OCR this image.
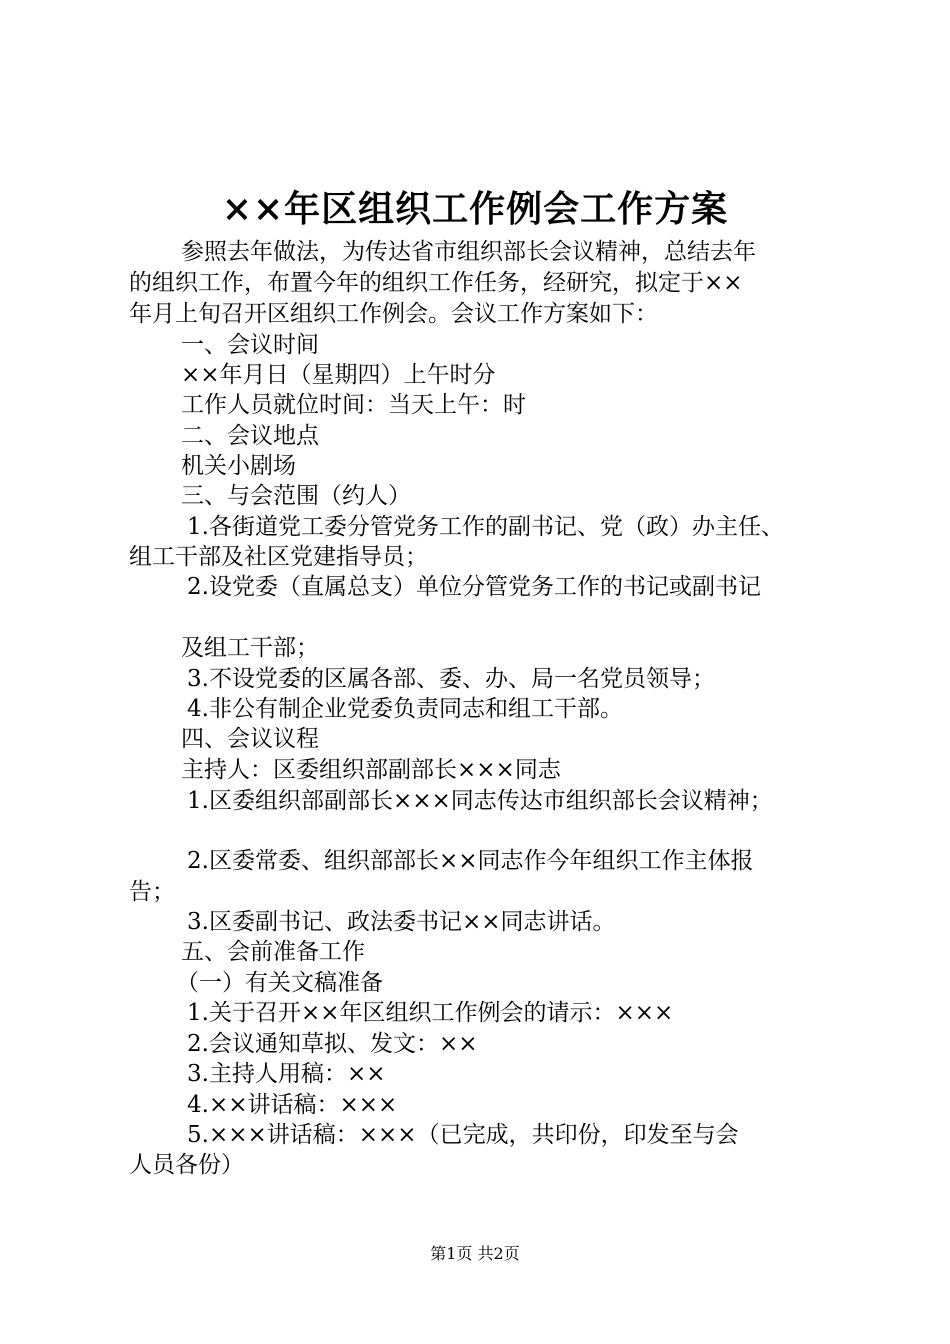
××年区组织工作例会工作方案
参照去年做法，为传达省市组织部长会议精神，总结去年
的组织工作，布置今年的组织工作任务，经研究，拟定于××
年月上旬召开区组织工作例会。会议工作方案如下：
一、会议时间
××年月日（星期四）上午时分
工作人员就位时间：当天上午：时
二、会议地点
机关小剧场
三、与会范围（约人）
1.各街道党工委分管党务工作的副书记、党（政）办主任、
组工干部及社区党建指导员；
2.设党委（直属总支）单位分管党务工作的书记或副书记
及组工干部；
3.不设党委的区属各部、委、办、局一名党员领导；
4.非公有制企业党委负责同志和组工干部。
四、会议议程
主持人：区委组织部副部长×××同志
1.区委组织部副部长×××同志传达市组织部长会议精神；
2.区委常委、组织部部长××同志作今年组织工作主体报
告；
3.区委副书记、政法委书记××同志讲话。
五、会前准备工作
（一）有关文稿准备
1.关于召开××年区组织工作例会的请示：×××
2.会议通知草拟、发文：××
3.主持人用稿：××
4.××讲话稿：×××
5.×××讲话稿：×××（已完成，共印份，印发至与会
人员各份）
第1页 共2页
